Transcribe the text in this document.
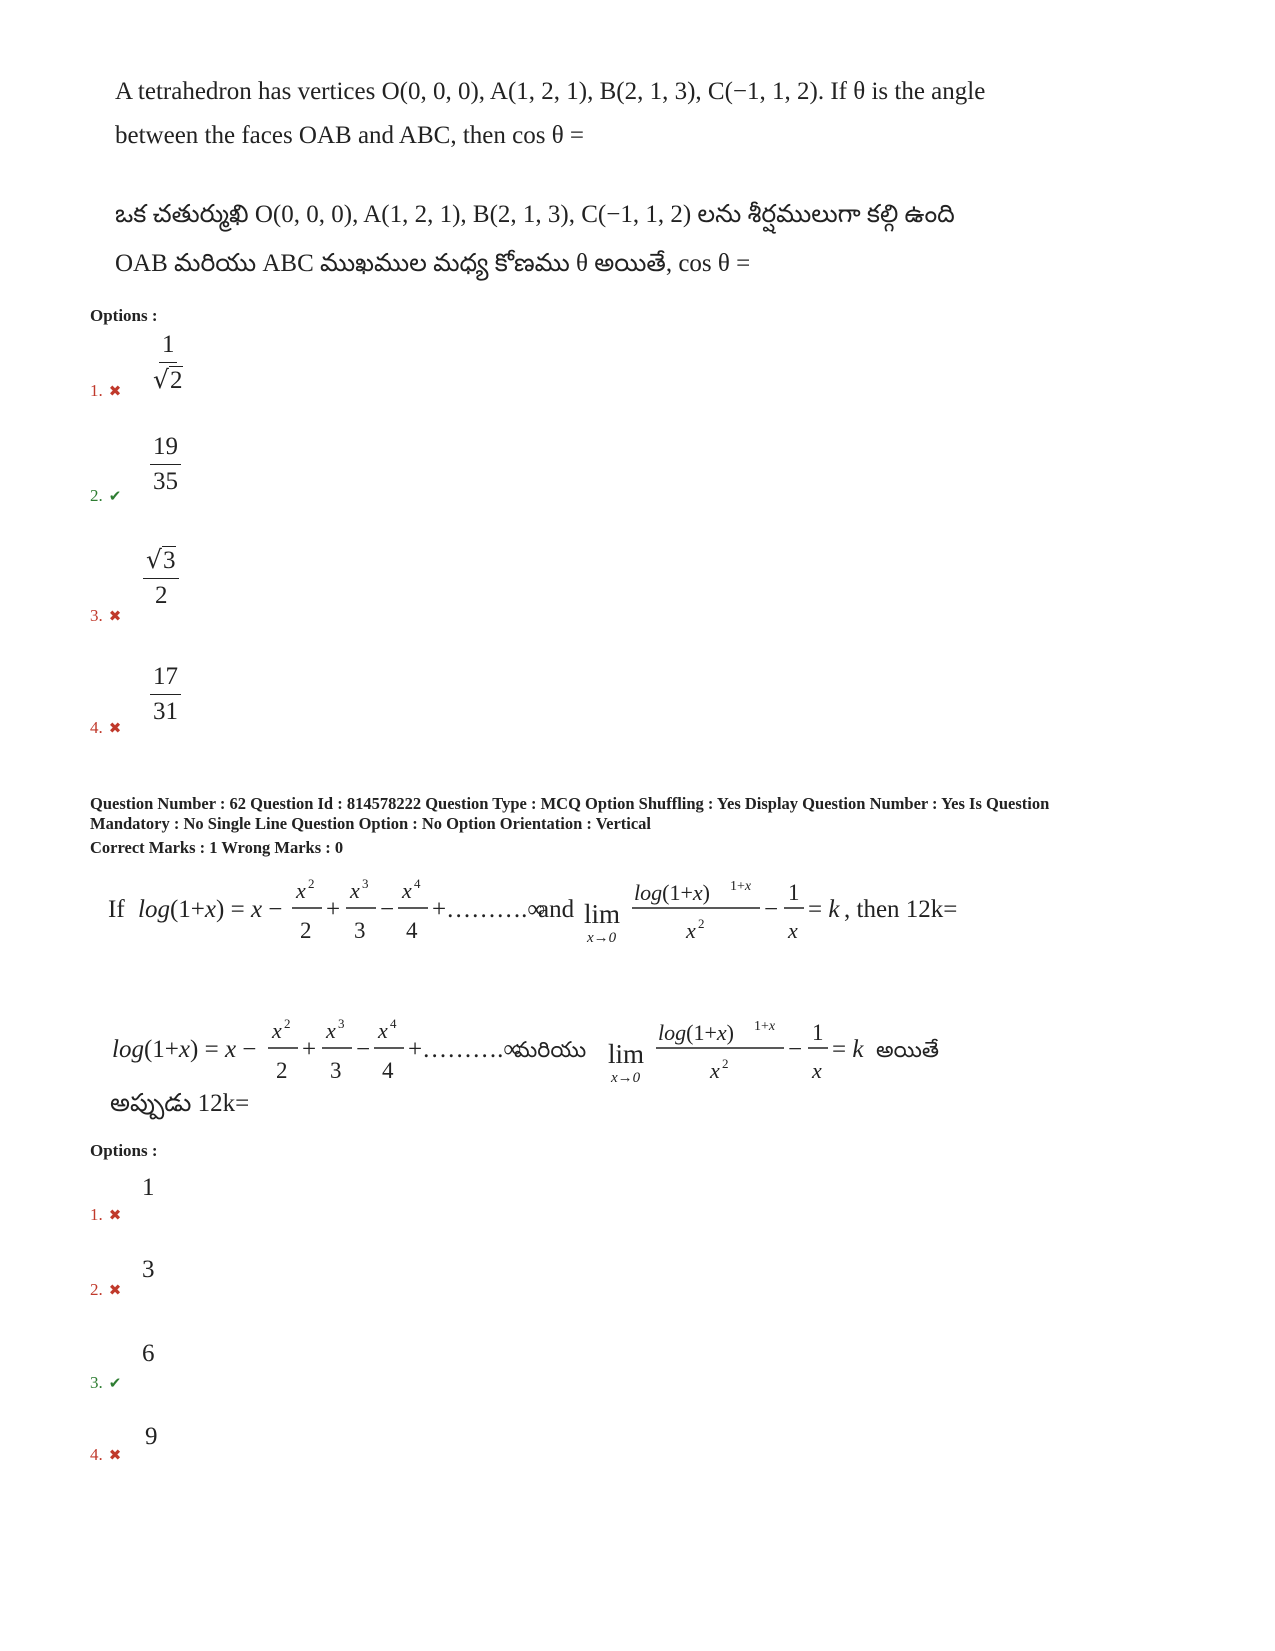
A tetrahedron has vertices O(0, 0, 0), A(1, 2, 1), B(2, 1, 3), C(−1, 1, 2). If θ is the angle
between the faces OAB and ABC, then cos θ =
ఒక చతుర్ముఖి O(0, 0, 0), A(1, 2, 1), B(2, 1, 3), C(−1, 1, 2) లను శీర్షములుగా కల్గి ఉంది
OAB మరియు ABC ముఖముల మధ్య కోణము θ అయితే, cos θ =
Options :
1. ✖ $\frac{1}{√2}$
2. ✔ $\frac{19}{35}$
3. ✖
$\frac{√3}{2}$
4. ✖
$\frac{17}{31}$
Question Number : 62 Question Id : 814578222 Question Type : MCQ Option Shuffling : Yes Display Question Number : Yes Is Question
Mandatory : No Single Line Question Option : No Option Orientation : Vertical
Correct Marks : 1 Wrong Marks : 0
If log(1+x) = x −
x 2
2
+
x 3
3
−
x 4
4
+……….∞
and lim
x→0
log(1+x) 1+x
x 2
−
1
x
= k , then 12k=
log(1+x) = x −
x 2
2
+
x 3
3
−
x 4
4
+……….∞
మరియు lim
x→0
log(1+x) 1+x
x 2
−
1
x
= k అయితే
అప్పుడు 12k=
Options :
1. ✖
1
2. ✖
3
3. ✔
6
4. ✖
9
